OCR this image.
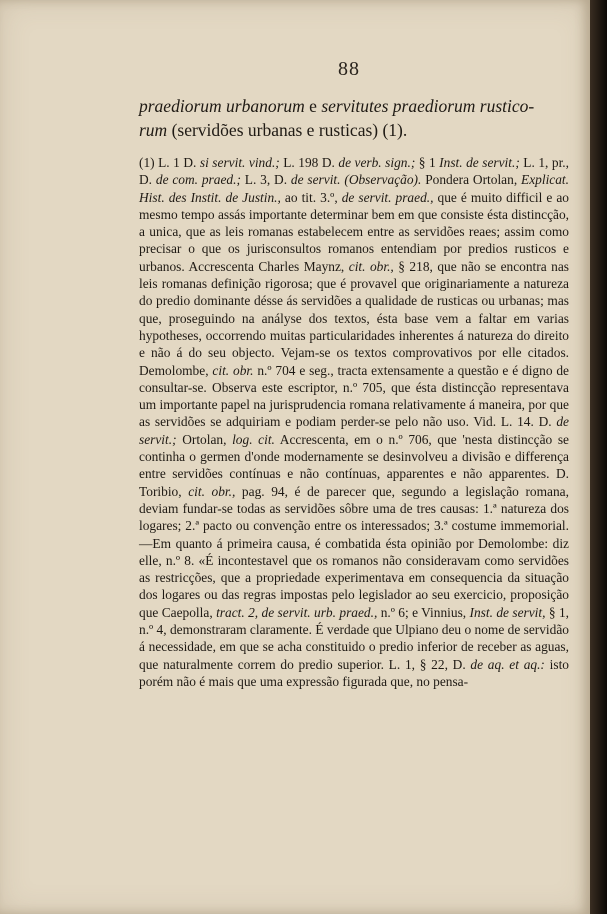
88
praediorum urbanorum e servitutes praediorum rustico-
rum (servidões urbanas e rusticas) (1).
(1) L. 1 D. si servit. vind.; L. 198 D. de verb. sign.; § 1 Inst. de servit.; L. 1, pr., D. de com. praed.; L. 3, D. de servit. (Observação). Pondera Ortolan, Explicat. Hist. des Instit. de Justin., ao tit. 3.º, de servit. praed., que é muito difficil e ao mesmo tempo assás importante determinar bem em que consiste ésta distincção, a unica, que as leis romanas estabelecem entre as servidões reaes; assim como precisar o que os jurisconsultos romanos entendiam por predios rusticos e urbanos. Accrescenta Charles Maynz, cit. obr., § 218, que não se encontra nas leis romanas definição rigorosa; que é provavel que originariamente a natureza do predio dominante désse ás servidões a qualidade de rusticas ou urbanas; mas que, proseguindo na anályse dos textos, ésta base vem a faltar em varias hypotheses, occorrendo muitas particularidades inherentes á natureza do direito e não á do seu objecto. Vejam-se os textos comprovativos por elle citados. Demolombe, cit. obr. n.º 704 e seg., tracta extensamente a questão e é digno de consultar-se. Observa este escriptor, n.º 705, que ésta distincção representava um importante papel na jurisprudencia romana relativamente á maneira, por que as servidões se adquiriam e podiam perder-se pelo não uso. Vid. L. 14. D. de servit.; Ortolan, log. cit. Accrescenta, em o n.º 706, que 'nesta distincção se continha o germen d'onde modernamente se desinvolveu a divisão e differença entre servidões contínuas e não contínuas, apparentes e não apparentes. D. Toribio, cit. obr., pag. 94, é de parecer que, segundo a legislação romana, deviam fundar-se todas as servidões sôbre uma de tres causas: 1.ª natureza dos logares; 2.ª pacto ou convenção entre os interessados; 3.ª costume immemorial. —Em quanto á primeira causa, é combatida ésta opinião por Demolombe: diz elle, n.º 8. «É incontestavel que os romanos não consideravam como servidões as restricções, que a propriedade experimentava em consequencia da situação dos logares ou das regras impostas pelo legislador ao seu exercicio, proposição que Caepolla, tract. 2, de servit. urb. praed., n.º 6; e Vinnius, Inst. de servit, § 1, n.º 4, demonstraram claramente. É verdade que Ulpiano deu o nome de servidão á necessidade, em que se acha constituido o predio inferior de receber as aguas, que naturalmente correm do predio superior. L. 1, § 22, D. de aq. et aq.: isto porém não é mais que uma expressão figurada que, no pensa-
